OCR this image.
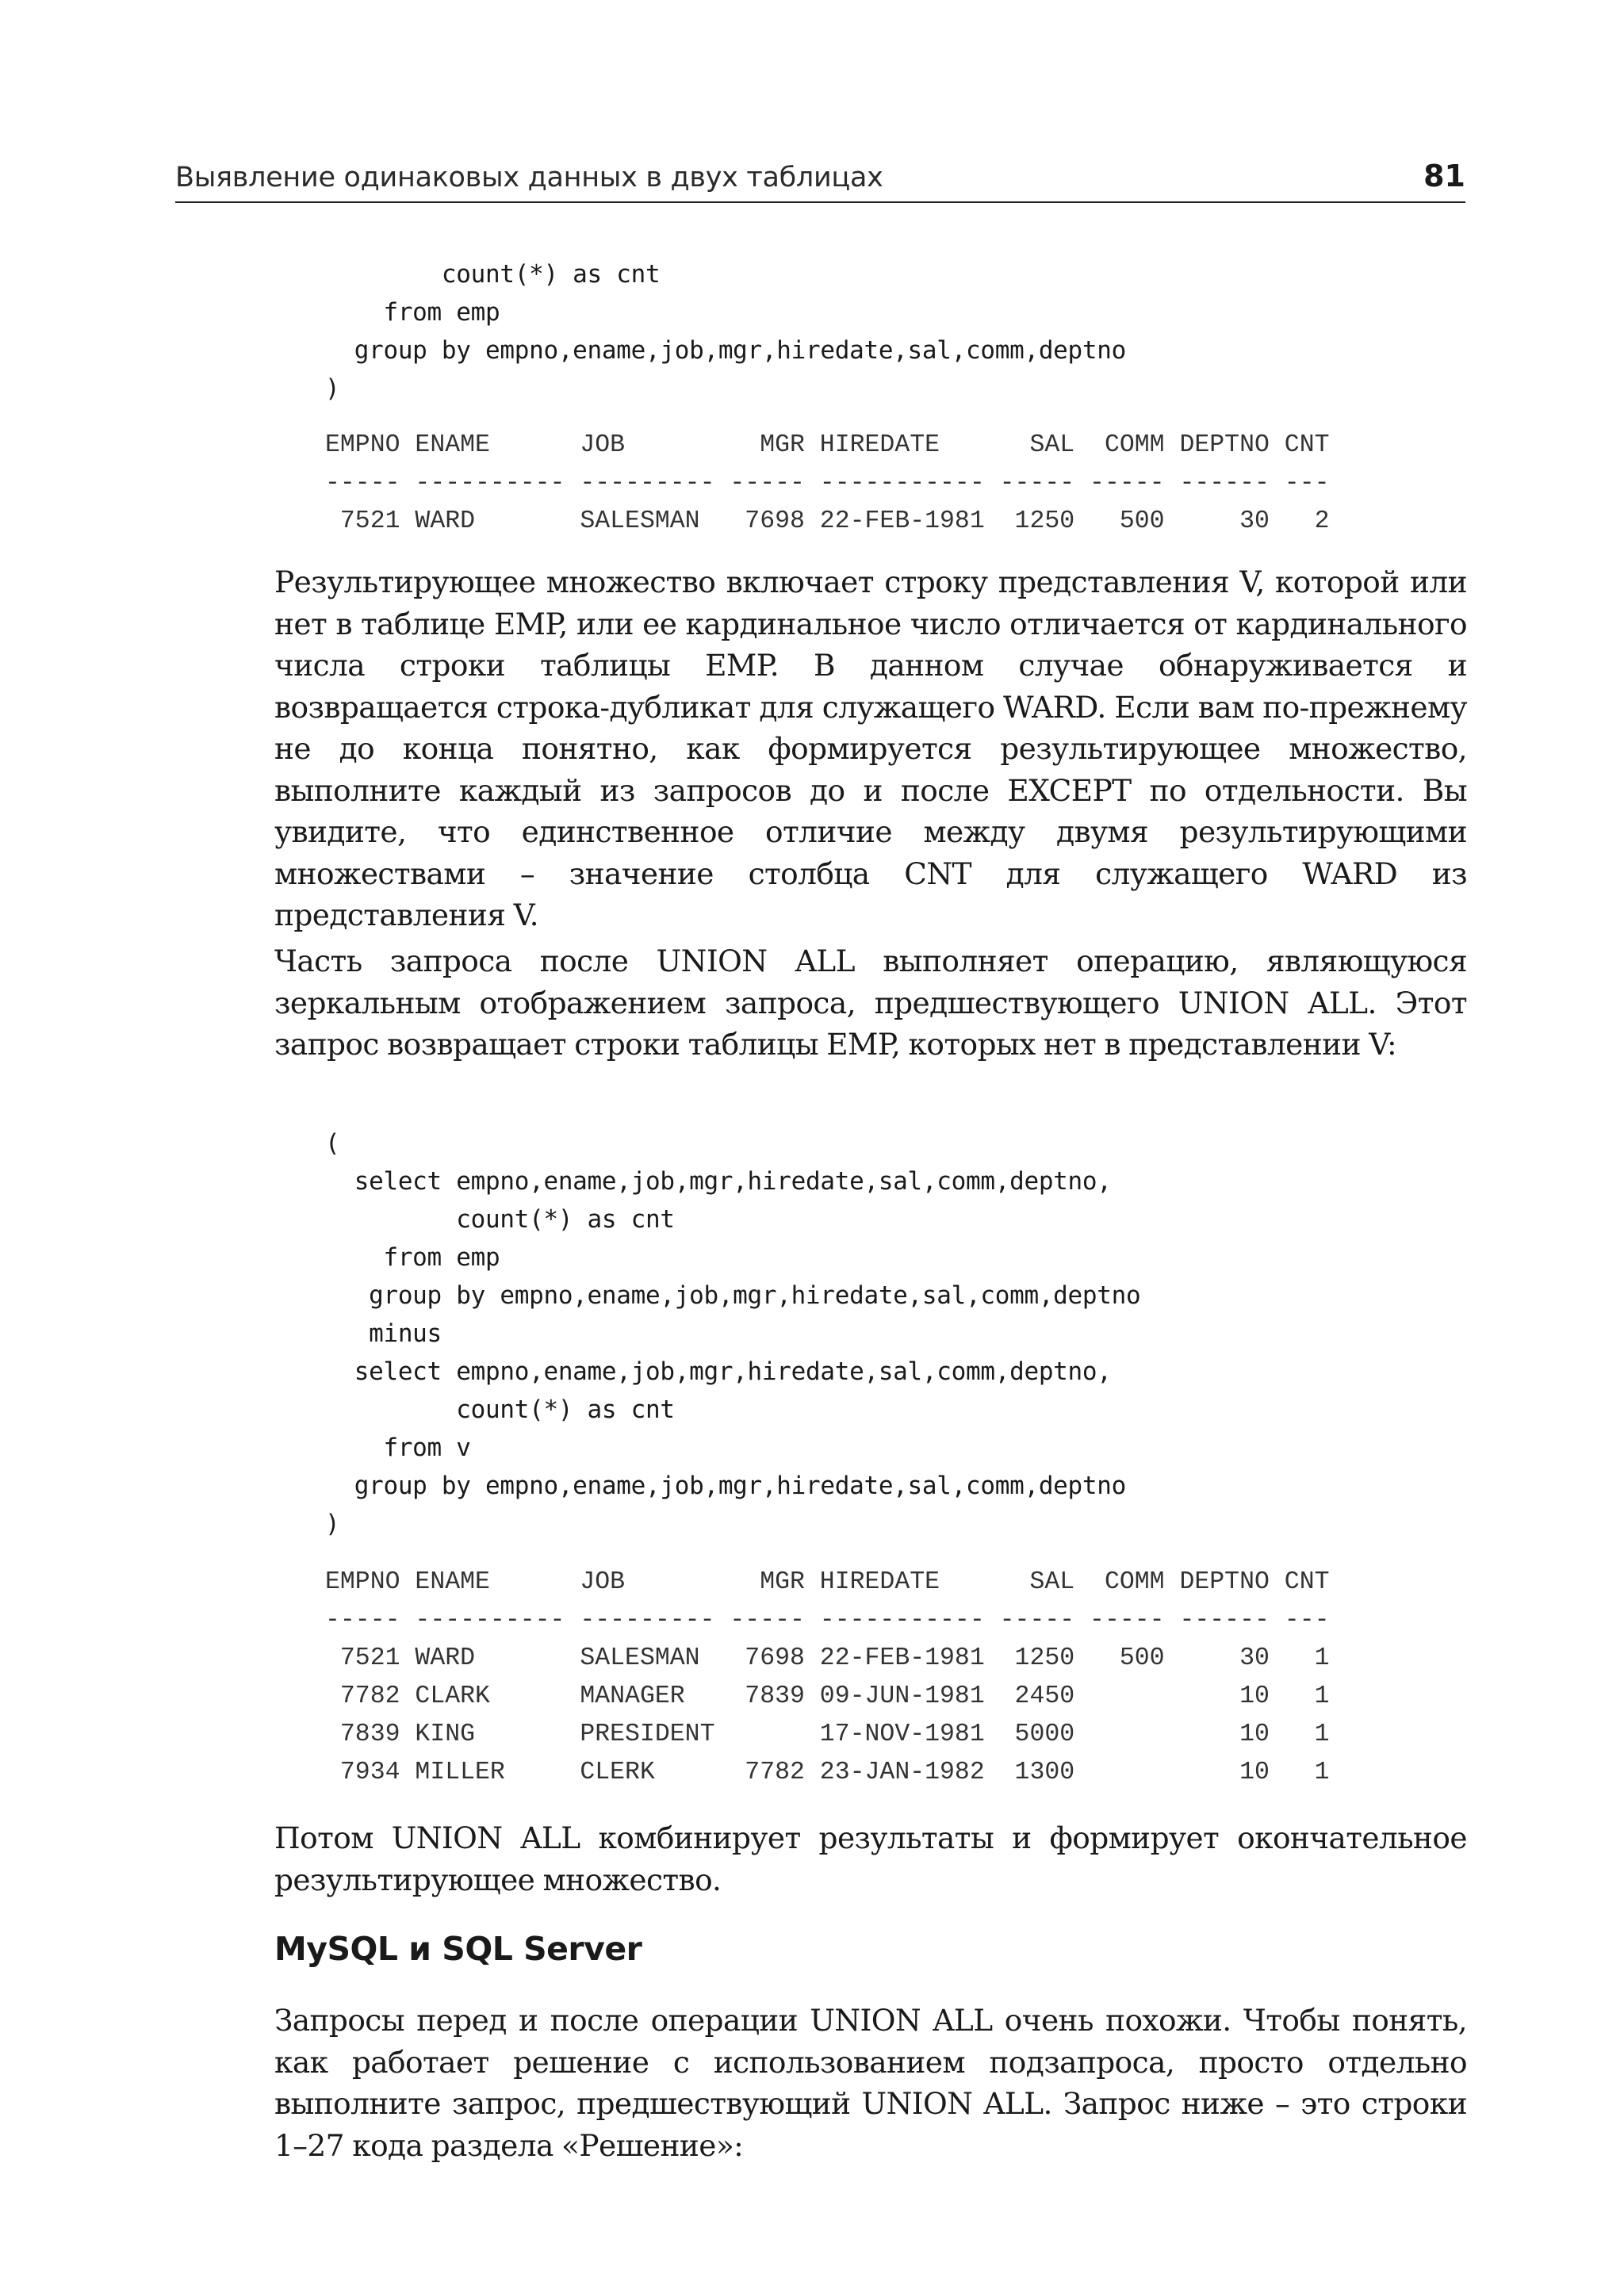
Выявление одинаковых данных в двух таблицах	81
count(*) as cnt
from emp
group by empno,ename,job,mgr,hiredate,sal,comm,deptno
)
EMPNO ENAME      JOB         MGR HIREDATE      SAL  COMM DEPTNO CNT
----- ---------- --------- ----- ----------- ----- ----- ------ ---
7521 WARD       SALESMAN   7698 22-FEB-1981  1250   500     30   2

Результирующее множество включает строку представления V, которой или нет в таблице EMP, или ее кардинальное число отличается от кардинального числа строки таблицы EMP. В данном случае обнаруживается и возвращается строка-дубликат для служащего WARD. Если вам по-прежнему не до конца понятно, как формируется результирующее множество, выполните каждый из запросов до и после EXCEPT по отдельности. Вы увидите, что единственное отличие между двумя результирующими множествами – значение столбца CNT для служащего WARD из представления V.

Часть запроса после UNION ALL выполняет операцию, являющуюся зеркальным отображением запроса, предшествующего UNION ALL. Этот запрос возвращает строки таблицы EMP, которых нет в представлении V:

(
select empno,ename,job,mgr,hiredate,sal,comm,deptno,
count(*) as cnt
from emp
group by empno,ename,job,mgr,hiredate,sal,comm,deptno
minus
select empno,ename,job,mgr,hiredate,sal,comm,deptno,
count(*) as cnt
from v
group by empno,ename,job,mgr,hiredate,sal,comm,deptno
)
EMPNO ENAME      JOB         MGR HIREDATE      SAL  COMM DEPTNO CNT
----- ---------- --------- ----- ----------- ----- ----- ------ ---
7521 WARD       SALESMAN   7698 22-FEB-1981  1250   500     30   1
7782 CLARK      MANAGER    7839 09-JUN-1981  2450           10   1
7839 KING       PRESIDENT       17-NOV-1981  5000           10   1
7934 MILLER     CLERK      7782 23-JAN-1982  1300           10   1

Потом UNION ALL комбинирует результаты и формирует окончательное результирующее множество.

MySQL и SQL Server

Запросы перед и после операции UNION ALL очень похожи. Чтобы понять, как работает решение с использованием подзапроса, просто отдельно выполните запрос, предшествующий UNION ALL. Запрос ниже – это строки 1–27 кода раздела «Решение»:
